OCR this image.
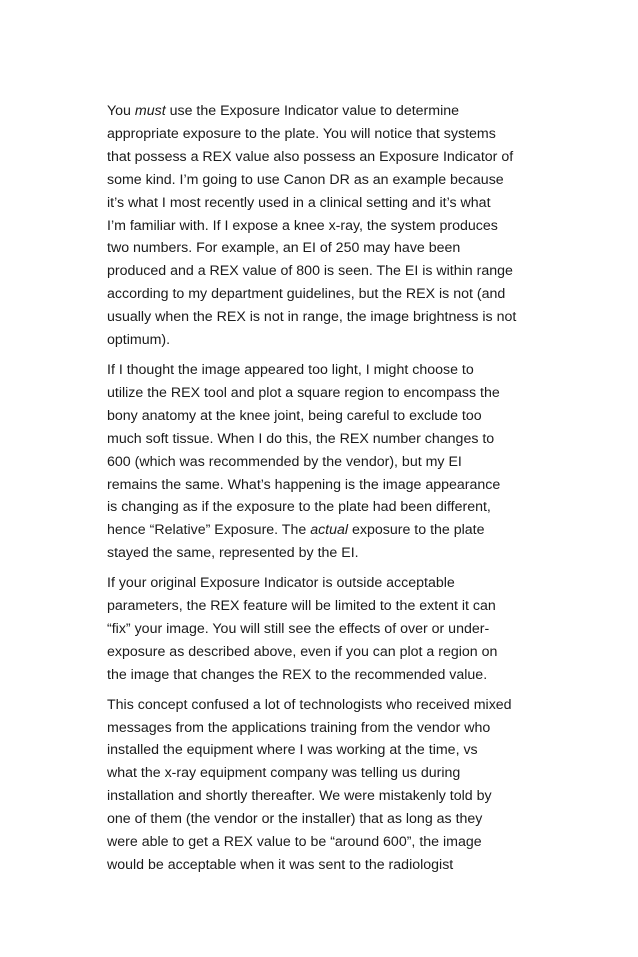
You must use the Exposure Indicator value to determine
appropriate exposure to the plate. You will notice that systems
that possess a REX value also possess an Exposure Indicator of
some kind. I’m going to use Canon DR as an example because
it’s what I most recently used in a clinical setting and it’s what
I’m familiar with. If I expose a knee x-ray, the system produces
two numbers. For example, an EI of 250 may have been
produced and a REX value of 800 is seen. The EI is within range
according to my department guidelines, but the REX is not (and
usually when the REX is not in range, the image brightness is not
optimum).

If I thought the image appeared too light, I might choose to
utilize the REX tool and plot a square region to encompass the
bony anatomy at the knee joint, being careful to exclude too
much soft tissue. When I do this, the REX number changes to
600 (which was recommended by the vendor), but my EI
remains the same. What’s happening is the image appearance
is changing as if the exposure to the plate had been different,
hence “Relative” Exposure. The actual exposure to the plate
stayed the same, represented by the EI.

If your original Exposure Indicator is outside acceptable
parameters, the REX feature will be limited to the extent it can
“fix” your image. You will still see the effects of over or under-
exposure as described above, even if you can plot a region on
the image that changes the REX to the recommended value.

This concept confused a lot of technologists who received mixed
messages from the applications training from the vendor who
installed the equipment where I was working at the time, vs
what the x-ray equipment company was telling us during
installation and shortly thereafter. We were mistakenly told by
one of them (the vendor or the installer) that as long as they
were able to get a REX value to be “around 600”, the image
would be acceptable when it was sent to the radiologist
